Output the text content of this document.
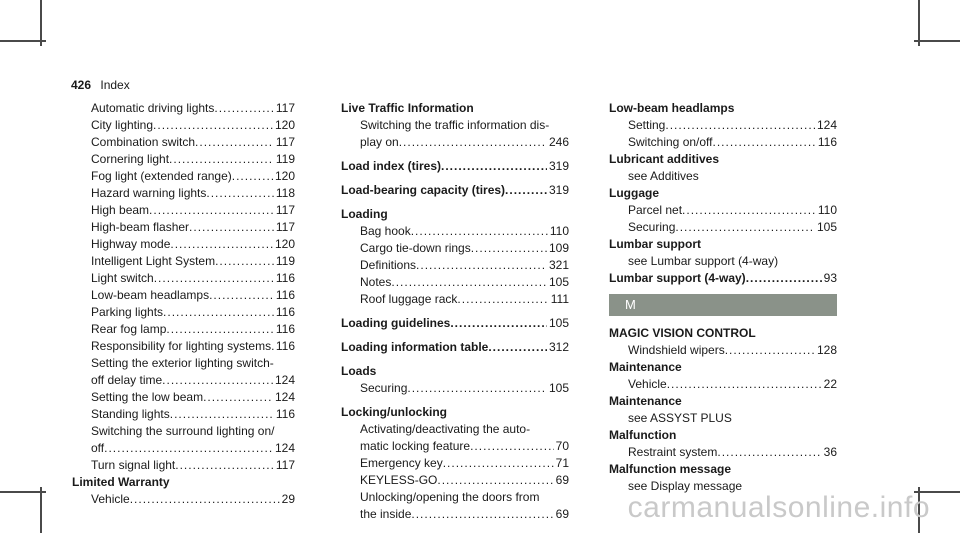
426 Index
Automatic driving lights .....	117
City lighting .....	120
Combination switch .....	117
Cornering light .....	119
Fog light (extended range) .....	120
Hazard warning lights .....	118
High beam .....	117
High-beam flasher .....	117
Highway mode .....	120
Intelligent Light System .....	119
Light switch .....	116
Low-beam headlamps .....	116
Parking lights .....	116
Rear fog lamp .....	116
Responsibility for lighting systems ..... 116
Setting the exterior lighting switch-
off delay time .....	124
Setting the low beam .....	124
Standing lights .....	116
Switching the surround lighting on/
off .....	124
Turn signal light .....	117
Limited Warranty
Vehicle .....	29
Live Traffic Information
Switching the traffic information dis-
play on .....	246
Load index (tires) .....	319
Load-bearing capacity (tires) .....	319
Loading
Bag hook .....	110
Cargo tie-down rings .....	109
Definitions .....	321
Notes .....	105
Roof luggage rack .....	111
Loading guidelines .....	105
Loading information table .....	312
Loads
Securing .....	105
Locking/unlocking
Activating/deactivating the auto-
matic locking feature .....	70
Emergency key .....	71
KEYLESS-GO .....	69
Unlocking/opening the doors from
the inside .....	69
Low-beam headlamps
Setting .....	124
Switching on/off .....	116
Lubricant additives
see Additives
Luggage
Parcel net .....	110
Securing .....	105
Lumbar support
see Lumbar support (4-way)
Lumbar support (4-way) .....	93
M
MAGIC VISION CONTROL
Windshield wipers .....	128
Maintenance
Vehicle .....	22
Maintenance
see ASSYST PLUS
Malfunction
Restraint system .....	36
Malfunction message
see Display message
carmanualsonline.info
